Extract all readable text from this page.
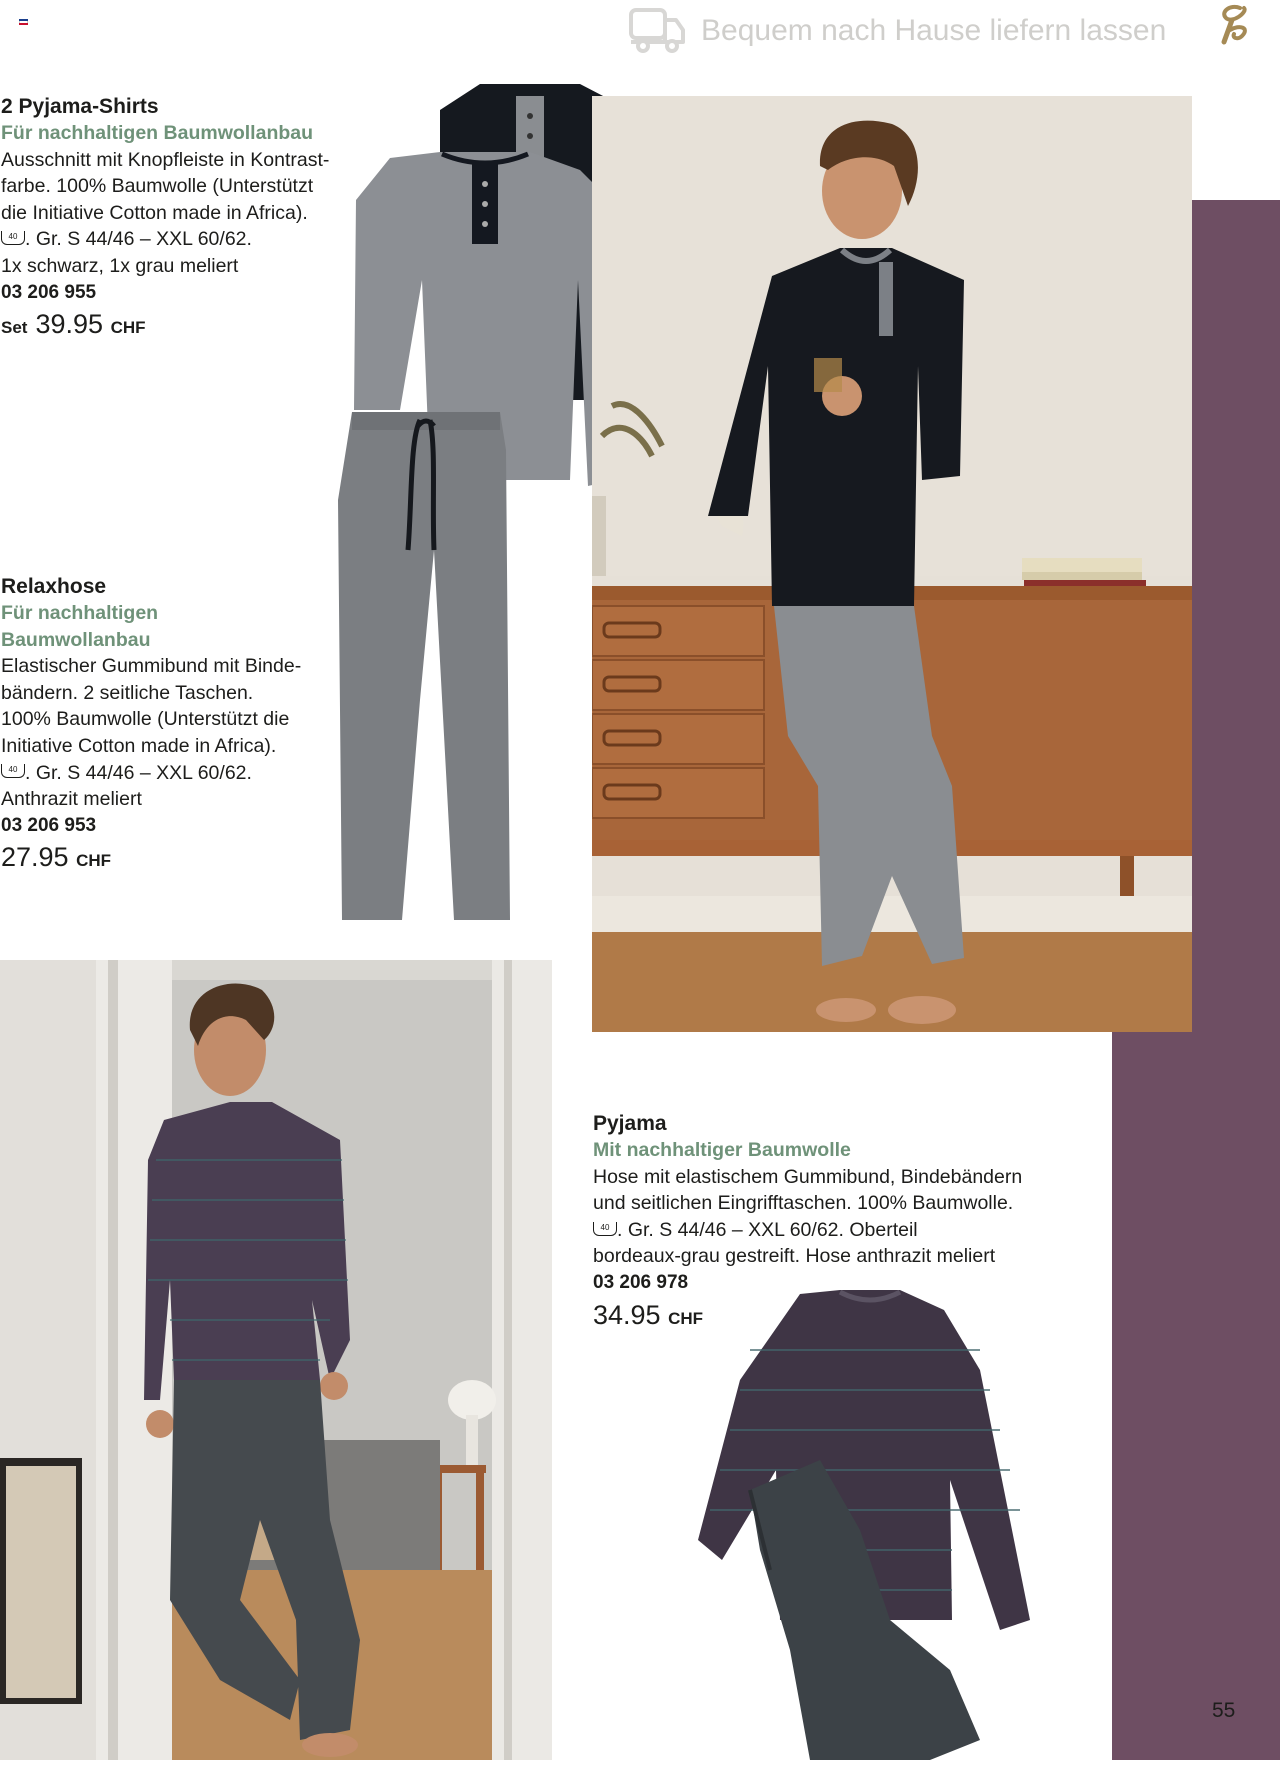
Bequem nach Hause liefern lassen
2 Pyjama-Shirts
Für nachhaltigen Baumwollanbau
Ausschnitt mit Knopfleiste in Kontrast-
farbe. 100% Baumwolle (Unterstützt
die Initiative Cotton made in Africa).
40 . Gr. S 44/46 – XXL 60/62.
1x schwarz, 1x grau meliert
03 206 955
Set 39.95 CHF
Relaxhose
Für nachhaltigen
Baumwollanbau
Elastischer Gummibund mit Binde-
bändern. 2 seitliche Taschen.
100% Baumwolle (Unterstützt die
Initiative Cotton made in Africa).
40 . Gr. S 44/46 – XXL 60/62.
Anthrazit meliert
03 206 953
27.95 CHF
Pyjama
Mit nachhaltiger Baumwolle
Hose mit elastischem Gummibund, Bindebändern
und seitlichen Eingrifftaschen. 100% Baumwolle.
40 . Gr. S 44/46 – XXL 60/62. Oberteil
bordeaux-grau gestreift. Hose anthrazit meliert
03 206 978
34.95 CHF
55
